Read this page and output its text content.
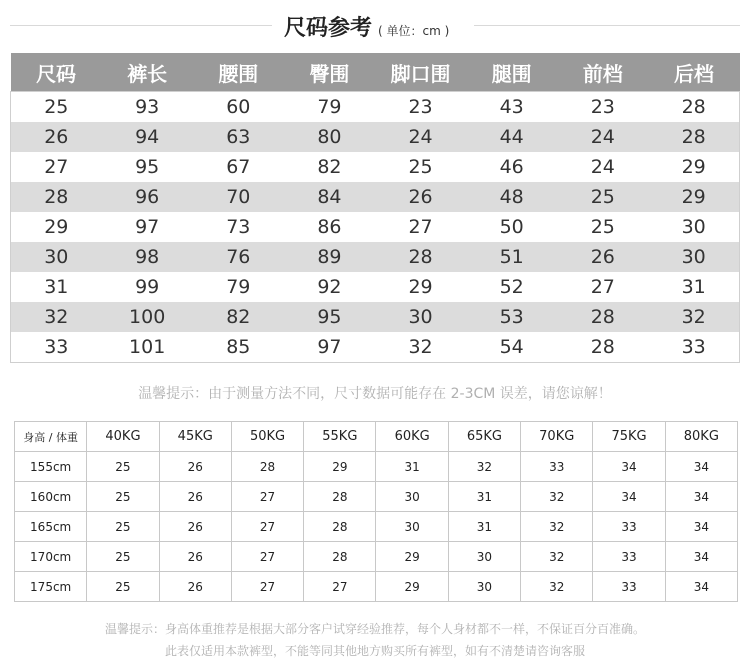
尺码参考 ( 单位：cm )
尺码	裤长	腰围	臀围	脚口围	腿围	前档	后档
25	93	60	79	23	43	23	28
26	94	63	80	24	44	24	28
27	95	67	82	25	46	24	29
28	96	70	84	26	48	25	29
29	97	73	86	27	50	25	30
30	98	76	89	28	51	26	30
31	99	79	92	29	52	27	31
32	100	82	95	30	53	28	32
33	101	85	97	32	54	28	33
温馨提示：由于测量方法不同，尺寸数据可能存在 2-3CM 误差，请您谅解！
身高 / 体重	40KG	45KG	50KG	55KG	60KG	65KG	70KG	75KG	80KG
155cm	25	26	28	29	31	32	33	34	34
160cm	25	26	27	28	30	31	32	34	34
165cm	25	26	27	28	30	31	32	33	34
170cm	25	26	27	28	29	30	32	33	34
175cm	25	26	27	27	29	30	32	33	34
温馨提示：身高体重推荐是根据大部分客户试穿经验推荐，每个人身材都不一样，不保证百分百准确。
此表仅适用本款裤型，不能等同其他地方购买所有裤型，如有不清楚请咨询客服
